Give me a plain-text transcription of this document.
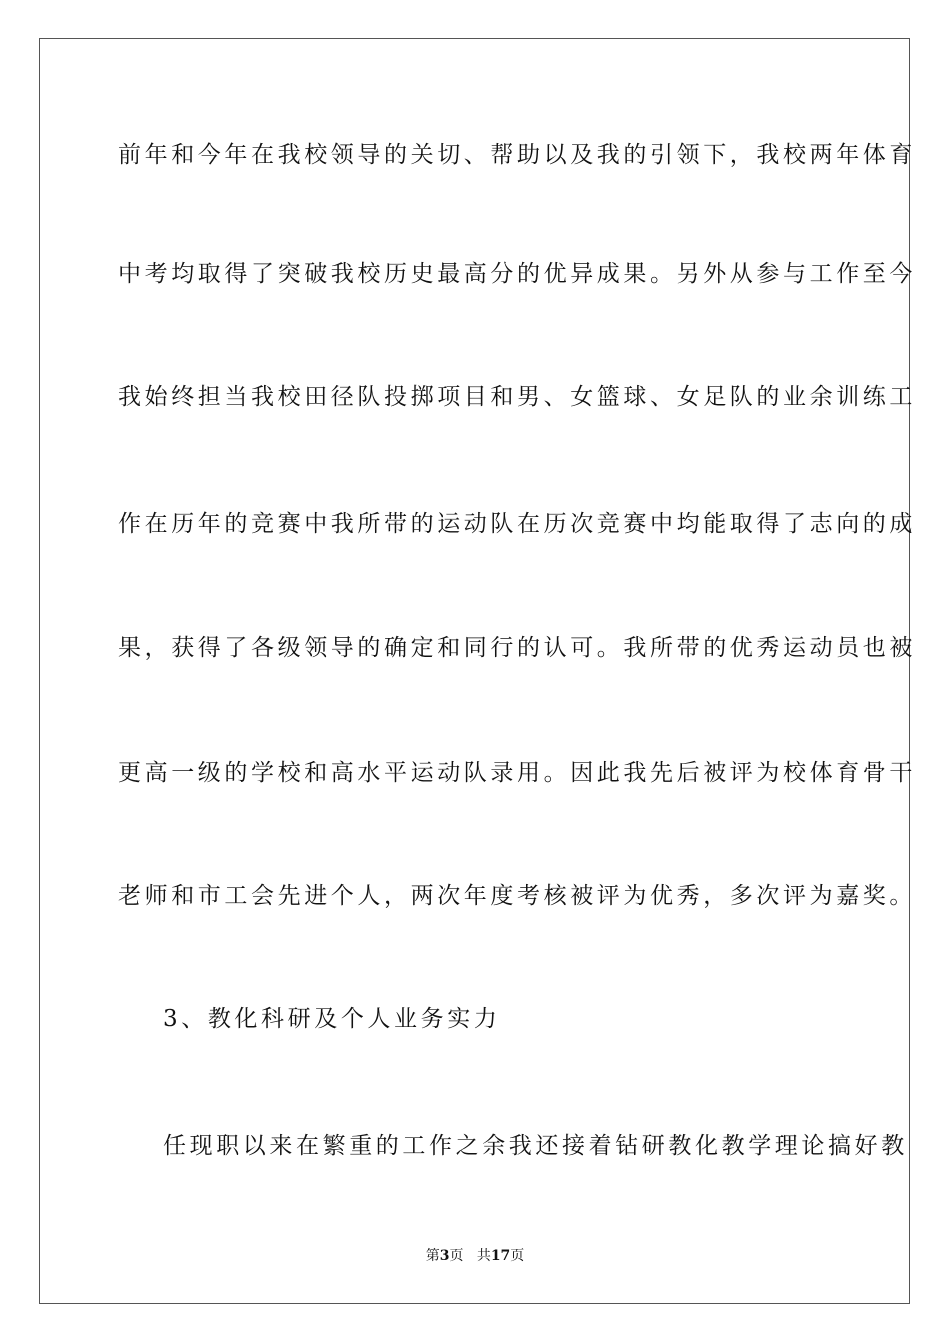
前年和今年在我校领导的关切、帮助以及我的引领下，我校两年体育
中考均取得了突破我校历史最高分的优异成果。另外从参与工作至今
我始终担当我校田径队投掷项目和男、女篮球、女足队的业余训练工
作在历年的竞赛中我所带的运动队在历次竞赛中均能取得了志向的成
果，获得了各级领导的确定和同行的认可。我所带的优秀运动员也被
更高一级的学校和高水平运动队录用。因此我先后被评为校体育骨干
老师和市工会先进个人，两次年度考核被评为优秀，多次评为嘉奖。
3、教化科研及个人业务实力
任现职以来在繁重的工作之余我还接着钻研教化教学理论搞好教
第3页 共17页
